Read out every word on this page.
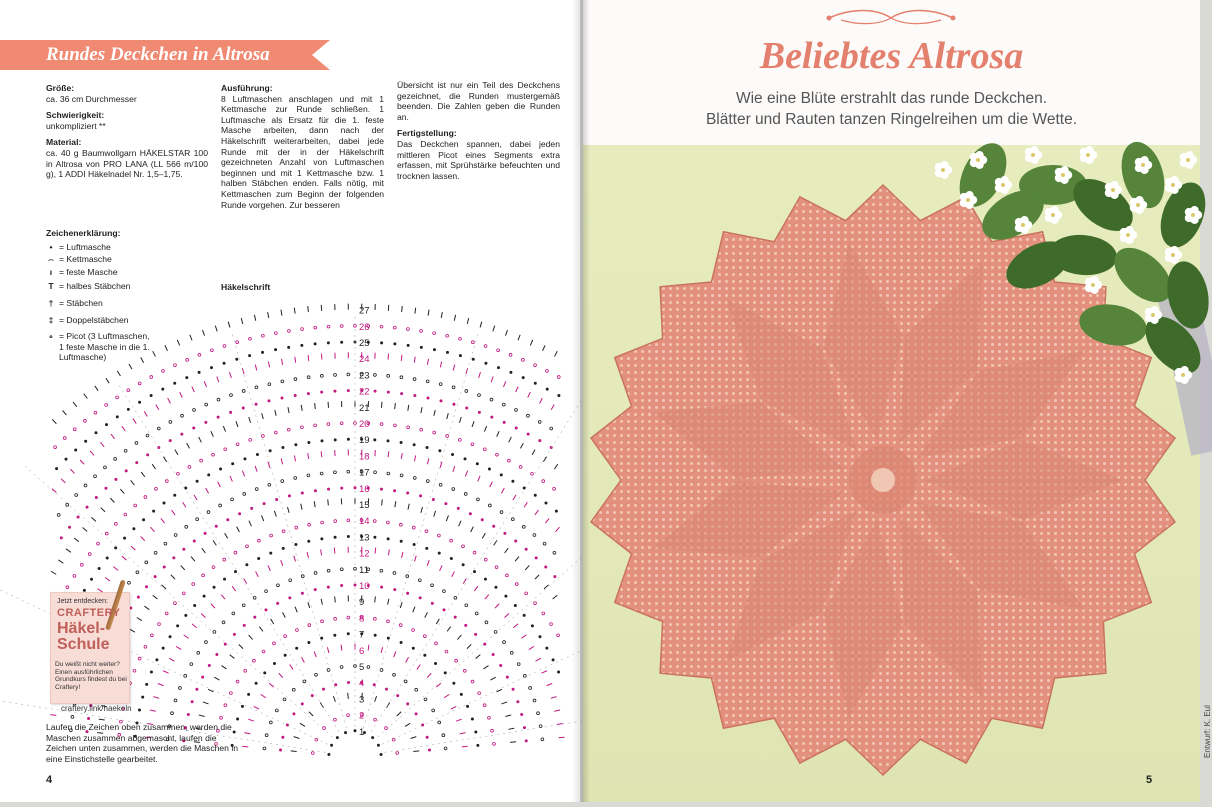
Rundes Deckchen in Altrosa
Größe:
ca. 36 cm Durchmesser
Schwierigkeit:
unkompliziert **
Material:
ca. 40 g Baumwollgarn HÄKELSTAR 100 in Altrosa von PRO LANA (LL 566 m/100 g), 1 ADDI Häkelnadel Nr. 1,5–1,75.
Ausführung:
8 Luftmaschen anschlagen und mit 1 Kettmasche zur Runde schließen. 1 Luftmasche als Ersatz für die 1. feste Masche arbeiten, dann nach der Häkelschrift weiterarbeiten, dabei jede Runde mit der in der Häkelschrift gezeichneten Anzahl von Luftmaschen beginnen und mit 1 Kettmasche bzw. 1 halben Stäbchen enden. Falls nötig, mit Kettmaschen zum Beginn der folgenden Runde vorgehen. Zur besseren
Übersicht ist nur ein Teil des Deckchens gezeichnet, die Runden mustergemäß beenden. Die Zahlen geben die Runden an.
Fertigstellung:
Das Deckchen spannen, dabei jeden mittleren Picot eines Segments extra erfassen, mit Sprühstärke befeuchten und trocknen lassen.
Zeichenerklärung:
• = Luftmasche
⌢ = Kettmasche
ı = feste Masche
T = halbes Stäbchen
† = Stäbchen
‡ = Doppelstäbchen
∘ = Picot (3 Luftmaschen, 1 feste Masche in die 1. Luftmasche)
Häkelschrift
1
2
3
4
5
6
7
8
9
10
11
12
13
14
15
16
17
18
19
20
21
22
23
24
25
26
27
Jetzt entdecken:
CRAFTERY
Häkel-
Schule
Du weißt nicht weiter? Einen ausführlichen Grundkurs findest du bei Craftery!
craftery.link/haekeln
Laufen die Zeichen oben zusammen, werden die Maschen zusammen abgemascht, laufen die Zeichen unten zusammen, werden die Maschen in eine Einstichstelle gearbeitet.
4
Beliebtes Altrosa
Wie eine Blüte erstrahlt das runde Deckchen.
Blätter und Rauten tanzen Ringelreihen um die Wette.
Entwurf: K. Eul
5
